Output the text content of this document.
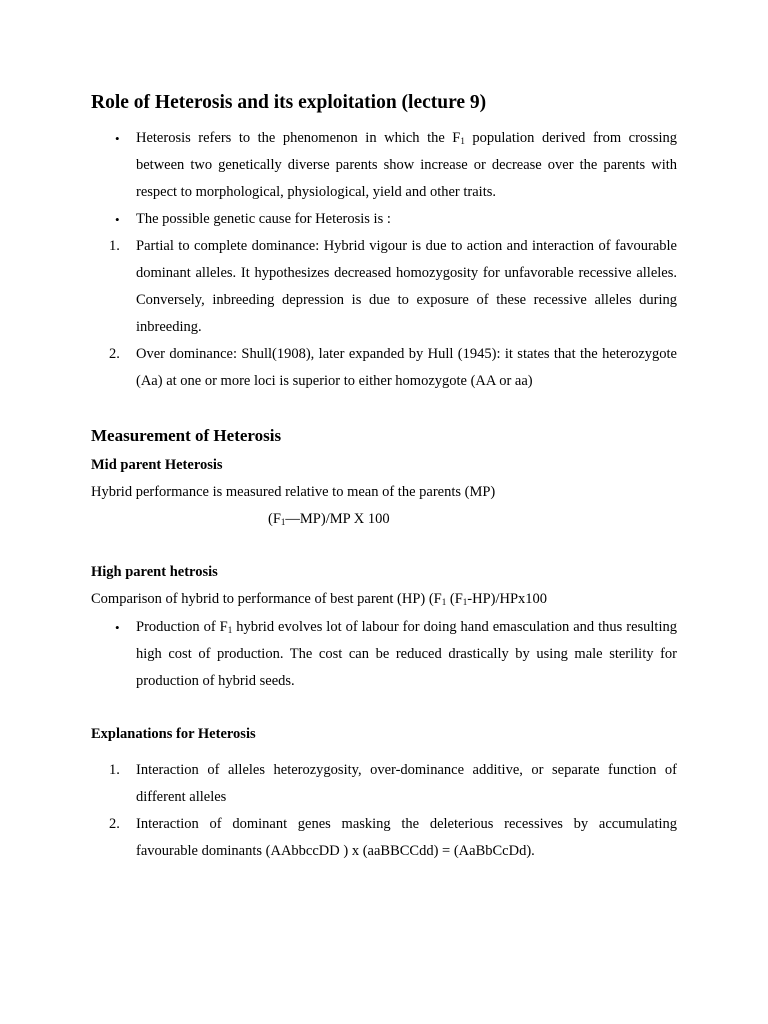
Role of Heterosis and its exploitation (lecture 9)
•	Heterosis refers to the phenomenon in which the $F_1$ population derived from crossing between two genetically diverse parents show increase or decrease over the parents with respect to morphological, physiological, yield and other traits.
•	The possible genetic cause for Heterosis is :
1.	Partial to complete dominance: Hybrid vigour is due to action and interaction of favourable dominant alleles. It hypothesizes decreased homozygosity for unfavorable recessive alleles. Conversely, inbreeding depression is due to exposure of these recessive alleles during inbreeding.
2.	Over dominance: Shull(1908), later expanded by Hull (1945): it states that the heterozygote (Aa) at one or more loci is superior to either homozygote (AA or aa)
Measurement of Heterosis
Mid parent Heterosis

Hybrid performance is measured relative to mean of the parents (MP)

$(F_1—MP)/MP$ X 100

High parent hetrosis

Comparison of hybrid to performance of best parent (HP) ($F_1$ $(F_1-HP)/HPx100$

•	Production of $F_1$ hybrid evolves lot of labour for doing hand emasculation and thus resulting high cost of production. The cost can be reduced drastically by using male sterility for production of hybrid seeds.
Explanations for Heterosis
1.	Interaction of alleles heterozygosity, over-dominance additive, or separate function of different alleles
2.	Interaction of dominant genes masking the deleterious recessives by accumulating favourable dominants (AAbbccDD ) x (aaBBCCdd) = (AaBbCcDd).
